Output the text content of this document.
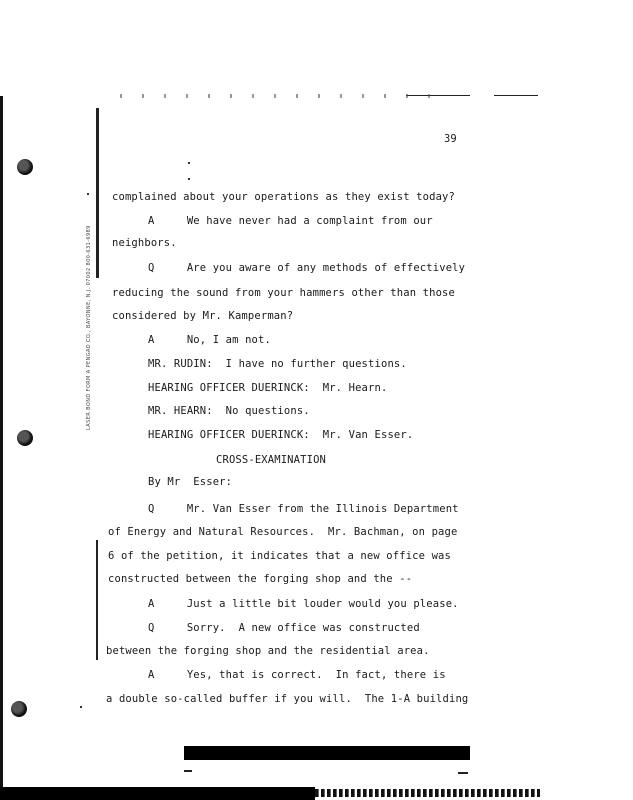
LASER BOND FORM A PENGAD CO., BAYONNE, N.J. 07002 800-631-6989
39
complained about your operations as they exist today?
A     We have never had a complaint from our
neighbors.
Q     Are you aware of any methods of effectively
reducing the sound from your hammers other than those
considered by Mr. Kamperman?
A     No, I am not.
MR. RUDIN:  I have no further questions.
HEARING OFFICER DUERINCK:  Mr. Hearn.
MR. HEARN:  No questions.
HEARING OFFICER DUERINCK:  Mr. Van Esser.
CROSS-EXAMINATION
By Mr  Esser:
Q     Mr. Van Esser from the Illinois Department
of Energy and Natural Resources.  Mr. Bachman, on page
6 of the petition, it indicates that a new office was
constructed between the forging shop and the --
A     Just a little bit louder would you please.
Q     Sorry.  A new office was constructed
between the forging shop and the residential area.
A     Yes, that is correct.  In fact, there is
a double so-called buffer if you will.  The 1-A building
